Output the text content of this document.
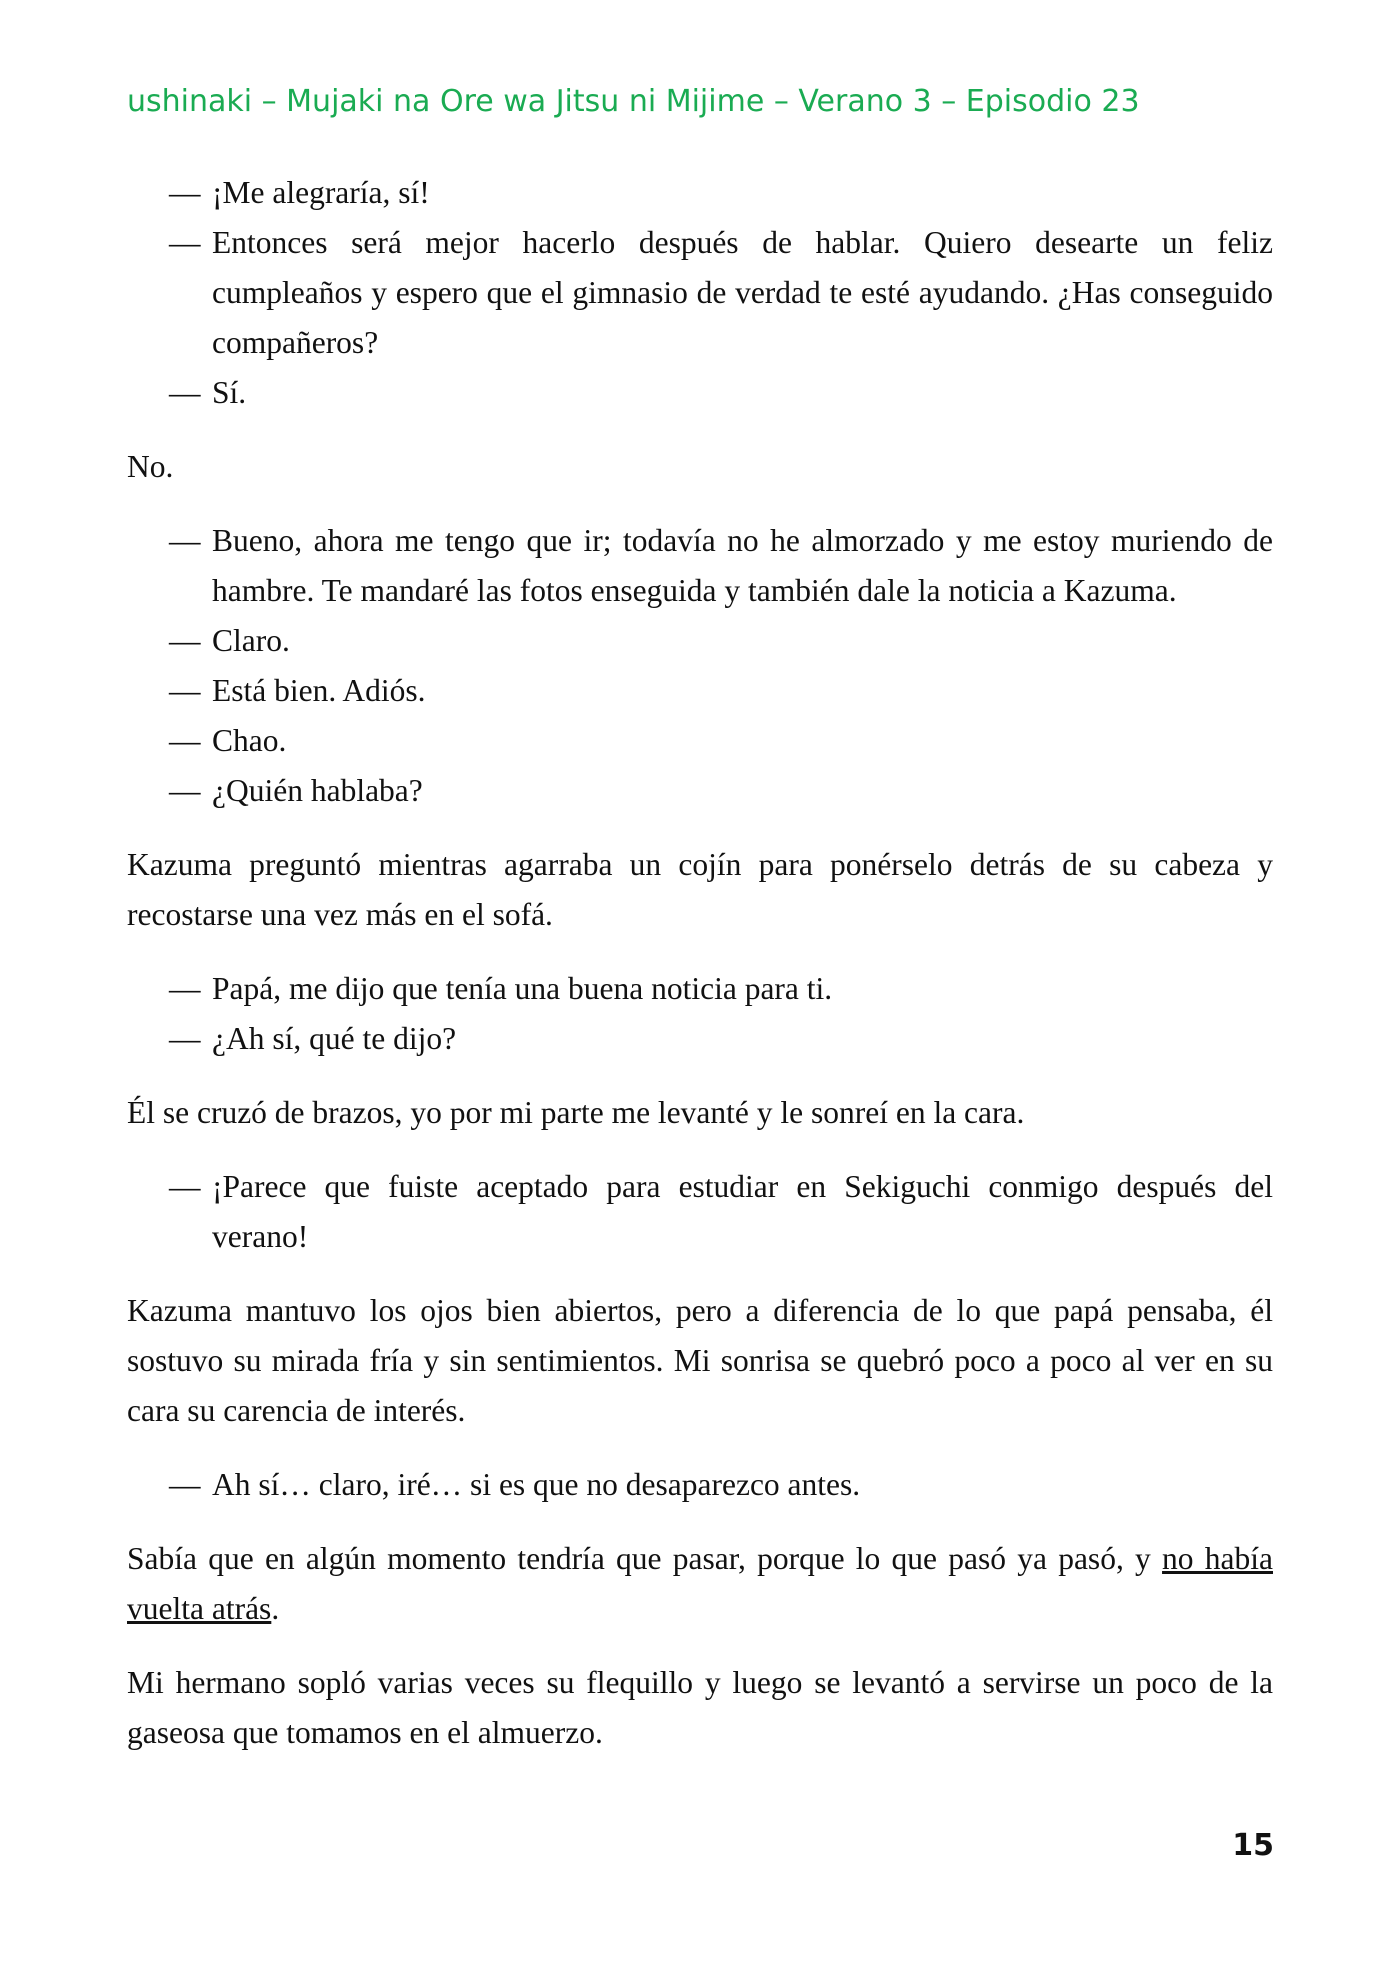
ushinaki – Mujaki na Ore wa Jitsu ni Mijime – Verano 3 – Episodio 23

— ¡Me alegraría, sí!

— Entonces será mejor hacerlo después de hablar. Quiero desearte un feliz cumpleaños y espero que el gimnasio de verdad te esté ayudando. ¿Has conseguido compañeros?

— Sí.

No.

— Bueno, ahora me tengo que ir; todavía no he almorzado y me estoy muriendo de hambre. Te mandaré las fotos enseguida y también dale la noticia a Kazuma.

— Claro.

— Está bien. Adiós.

— Chao.

— ¿Quién hablaba?

Kazuma preguntó mientras agarraba un cojín para ponérselo detrás de su cabeza y recostarse una vez más en el sofá.

— Papá, me dijo que tenía una buena noticia para ti.

— ¿Ah sí, qué te dijo?

Él se cruzó de brazos, yo por mi parte me levanté y le sonreí en la cara.

— ¡Parece que fuiste aceptado para estudiar en Sekiguchi conmigo después del verano!

Kazuma mantuvo los ojos bien abiertos, pero a diferencia de lo que papá pensaba, él sostuvo su mirada fría y sin sentimientos. Mi sonrisa se quebró poco a poco al ver en su cara su carencia de interés.

— Ah sí… claro, iré… si es que no desaparezco antes.

Sabía que en algún momento tendría que pasar, porque lo que pasó ya pasó, y no había vuelta atrás.

Mi hermano sopló varias veces su flequillo y luego se levantó a servirse un poco de la gaseosa que tomamos en el almuerzo.

15
